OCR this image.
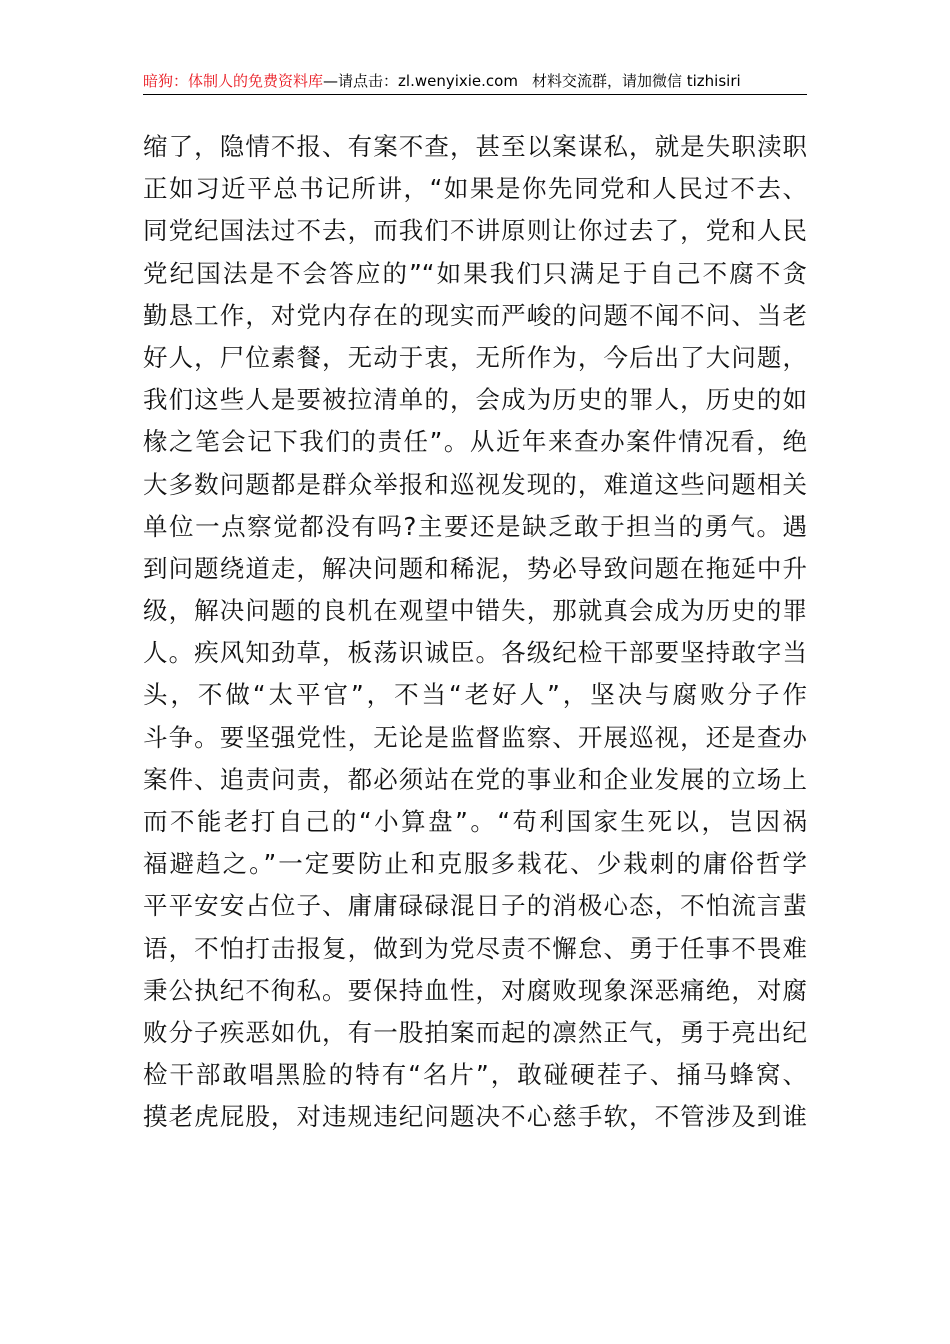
暗狗：体制人的免费资料库—请点击：zl.wenyixie.com 材料交流群，请加微信 tizhisiri
缩了，隐情不报、有案不查，甚至以案谋私，就是失职渎职
正如习近平总书记所讲，“如果是你先同党和人民过不去、
同党纪国法过不去，而我们不讲原则让你过去了，党和人民
党纪国法是不会答应的”“如果我们只满足于自己不腐不贪
勤恳工作，对党内存在的现实而严峻的问题不闻不问、当老
好人，尸位素餐，无动于衷，无所作为，今后出了大问题，
我们这些人是要被拉清单的，会成为历史的罪人，历史的如
椽之笔会记下我们的责任”。从近年来查办案件情况看，绝
大多数问题都是群众举报和巡视发现的，难道这些问题相关
单位一点察觉都没有吗?主要还是缺乏敢于担当的勇气。遇
到问题绕道走，解决问题和稀泥，势必导致问题在拖延中升
级，解决问题的良机在观望中错失，那就真会成为历史的罪
人。疾风知劲草，板荡识诚臣。各级纪检干部要坚持敢字当
头，不做“太平官”，不当“老好人”，坚决与腐败分子作
斗争。要坚强党性，无论是监督监察、开展巡视，还是查办
案件、追责问责，都必须站在党的事业和企业发展的立场上
而不能老打自己的“小算盘”。“苟利国家生死以，岂因祸
福避趋之。”一定要防止和克服多栽花、少栽刺的庸俗哲学
平平安安占位子、庸庸碌碌混日子的消极心态，不怕流言蜚
语，不怕打击报复，做到为党尽责不懈怠、勇于任事不畏难
秉公执纪不徇私。要保持血性，对腐败现象深恶痛绝，对腐
败分子疾恶如仇，有一股拍案而起的凛然正气，勇于亮出纪
检干部敢唱黑脸的特有“名片”，敢碰硬茬子、捅马蜂窝、
摸老虎屁股，对违规违纪问题决不心慈手软，不管涉及到谁
